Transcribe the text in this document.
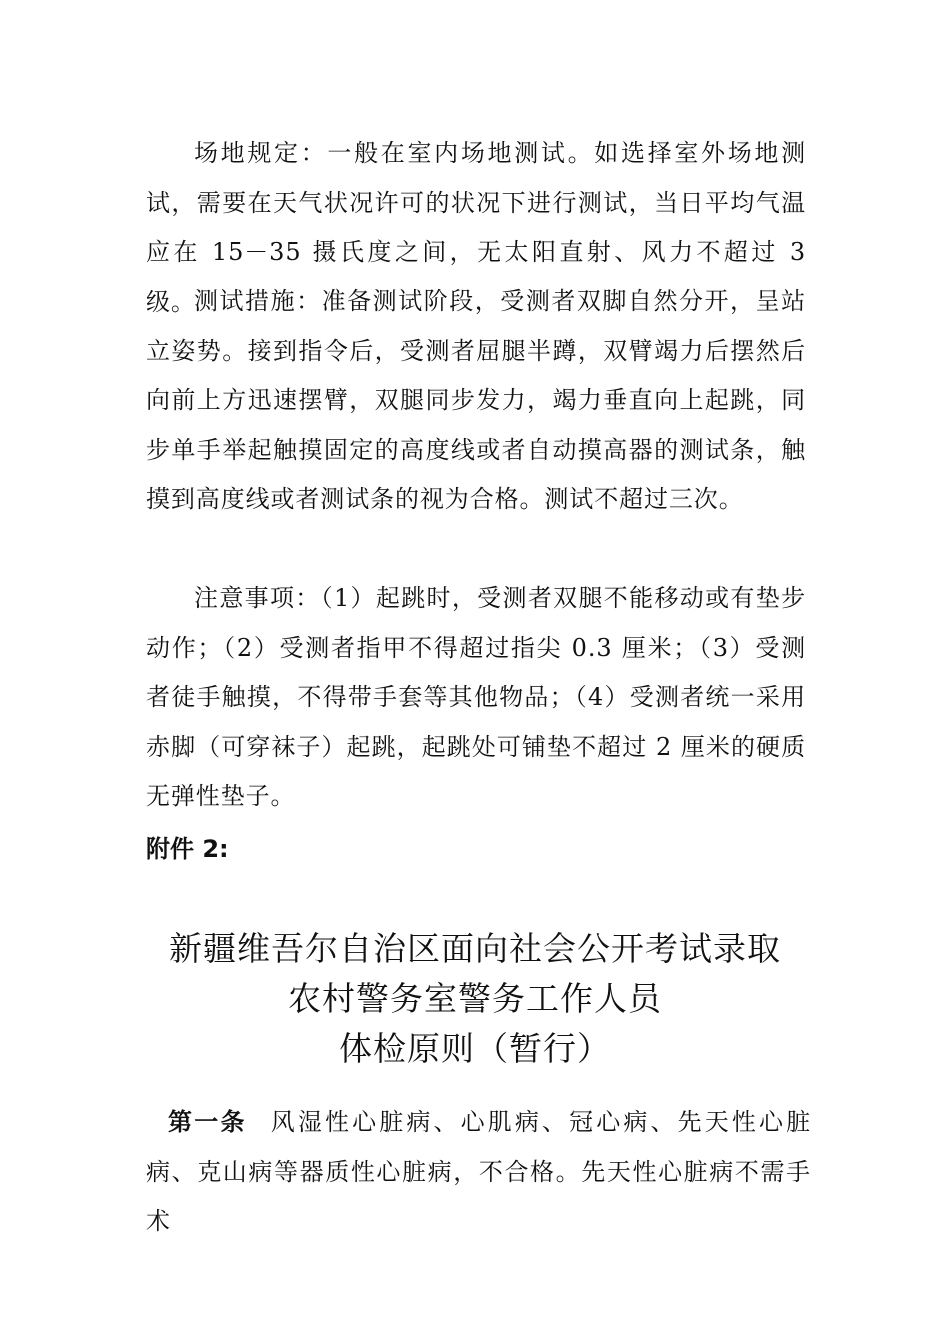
场地规定：一般在室内场地测试。如选择室外场地测试，需要在天气状况许可的状况下进行测试，当日平均气温应在 15－35 摄氏度之间，无太阳直射、风力不超过 3 级。

测试措施：准备测试阶段，受测者双脚自然分开，呈站立姿势。接到指令后，受测者屈腿半蹲，双臂竭力后摆然后向前上方迅速摆臂，双腿同步发力，竭力垂直向上起跳，同步单手举起触摸固定的高度线或者自动摸高器的测试条，触摸到高度线或者测试条的视为合格。测试不超过三次。

注意事项：（1）起跳时，受测者双腿不能移动或有垫步动作；（2）受测者指甲不得超过指尖 0.3 厘米；（3）受测者徒手触摸，不得带手套等其他物品；（4）受测者统一采用赤脚（可穿袜子）起跳，起跳处可铺垫不超过 2 厘米的硬质无弹性垫子。

附件 2:

新疆维吾尔自治区面向社会公开考试录取

农村警务室警务工作人员

体检原则（暂行）

第一条 风湿性心脏病、心肌病、冠心病、先天性心脏病、克山病等器质性心脏病，不合格。先天性心脏病不需手术
